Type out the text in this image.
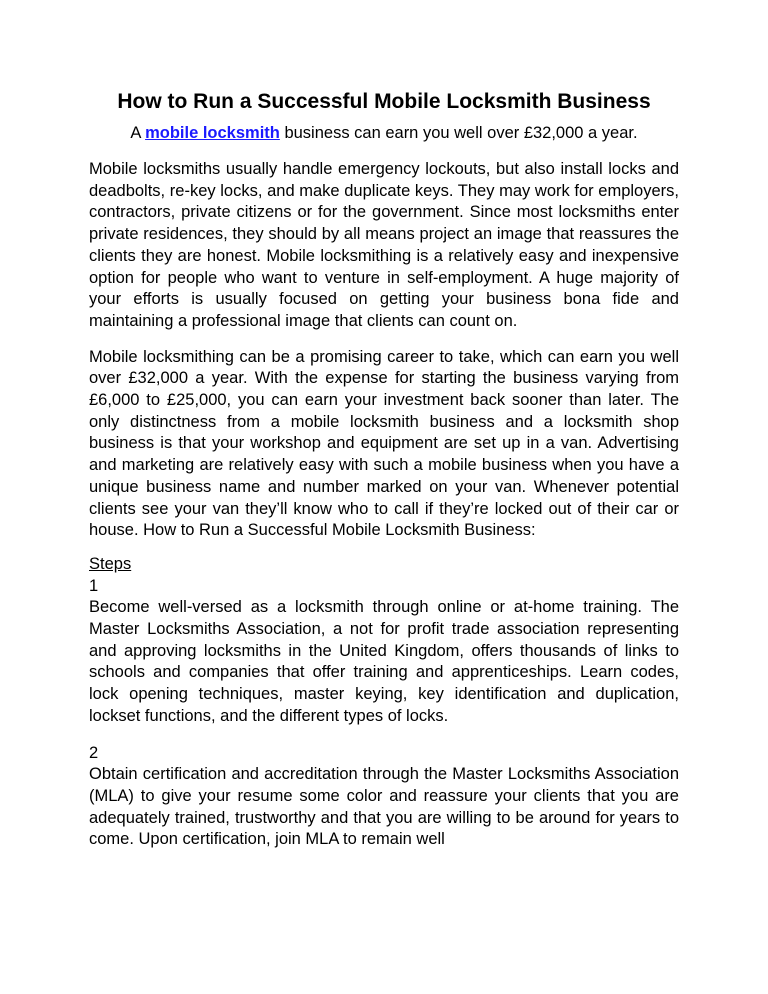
How to Run a Successful Mobile Locksmith Business

A mobile locksmith business can earn you well over £32,000 a year.

Mobile locksmiths usually handle emergency lockouts, but also install locks and deadbolts, re-key locks, and make duplicate keys. They may work for employers, contractors, private citizens or for the government. Since most locksmiths enter private residences, they should by all means project an image that reassures the clients they are honest. Mobile locksmithing is a relatively easy and inexpensive option for people who want to venture in self-employment. A huge majority of your efforts is usually focused on getting your business bona fide and maintaining a professional image that clients can count on.

Mobile locksmithing can be a promising career to take, which can earn you well over £32,000 a year. With the expense for starting the business varying from £6,000 to £25,000, you can earn your investment back sooner than later. The only distinctness from a mobile locksmith business and a locksmith shop business is that your workshop and equipment are set up in a van. Advertising and marketing are relatively easy with such a mobile business when you have a unique business name and number marked on your van. Whenever potential clients see your van they’ll know who to call if they’re locked out of their car or house. How to Run a Successful Mobile Locksmith Business:

Steps

1

Become well-versed as a locksmith through online or at-home training. The Master Locksmiths Association, a not for profit trade association representing and approving locksmiths in the United Kingdom, offers thousands of links to schools and companies that offer training and apprenticeships. Learn codes, lock opening techniques, master keying, key identification and duplication, lockset functions, and the different types of locks.

2

Obtain certification and accreditation through the Master Locksmiths Association (MLA) to give your resume some color and reassure your clients that you are adequately trained, trustworthy and that you are willing to be around for years to come. Upon certification, join MLA to remain well
